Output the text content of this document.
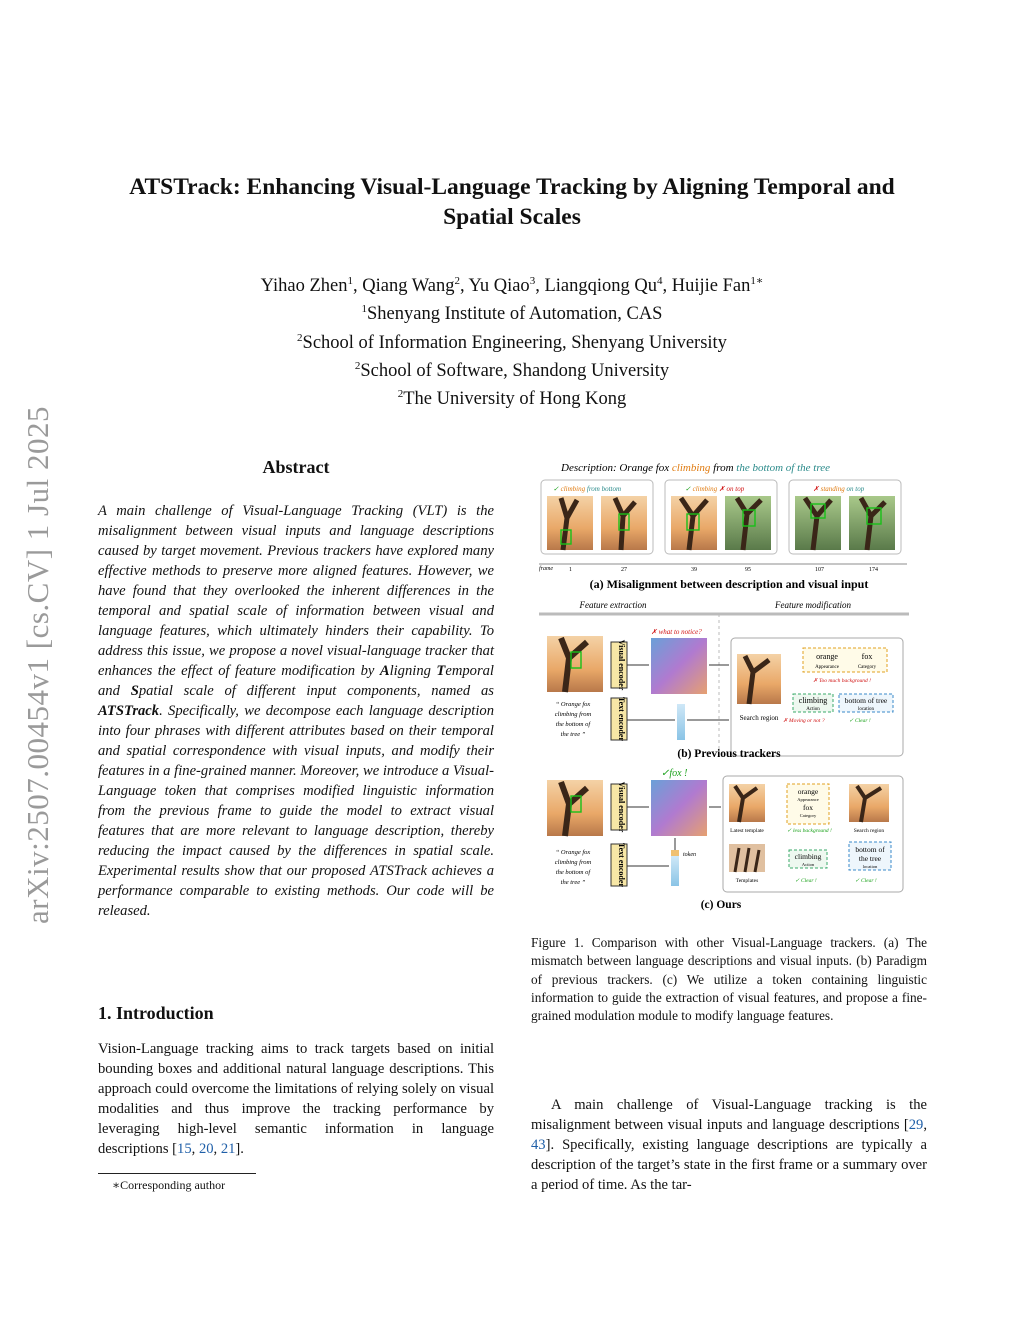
arXiv:2507.00454v1 [cs.CV] 1 Jul 2025
ATSTrack: Enhancing Visual-Language Tracking by Aligning Temporal and Spatial Scales
Yihao Zhen$^1$, Qiang Wang$^2$, Yu Qiao$^3$, Liangqiong Qu$^4$, Huijie Fan$^{1∗}$
$^1$Shenyang Institute of Automation, CAS
$^2$School of Information Engineering, Shenyang University
$^2$School of Software, Shandong University
$^2$The University of Hong Kong
Abstract
A main challenge of Visual-Language Tracking (VLT) is the misalignment between visual inputs and language descriptions caused by target movement. Previous trackers have explored many effective methods to preserve more aligned features. However, we have found that they overlooked the inherent differences in the temporal and spatial scale of information between visual and language features, which ultimately hinders their capability. To address this issue, we propose a novel visual-language tracker that enhances the effect of feature modification by Aligning Temporal and Spatial scale of different input components, named as ATSTrack. Specifically, we decompose each language description into four phrases with different attributes based on their temporal and spatial correspondence with visual inputs, and modify their features in a fine-grained manner. Moreover, we introduce a Visual-Language token that comprises modified linguistic information from the previous frame to guide the model to extract visual features that are more relevant to language description, thereby reducing the impact caused by the differences in spatial scale. Experimental results show that our proposed ATSTrack achieves a performance comparable to existing methods. Our code will be released.
1. Introduction
Vision-Language tracking aims to track targets based on initial bounding boxes and additional natural language descriptions. This approach could overcome the limitations of relying solely on visual modalities and thus improve the tracking performance by leveraging high-level semantic information in language descriptions [15, 20, 21].
∗Corresponding author
Description: Orange fox climbing from the bottom of the tree
✓ climbing from bottom	✓ climbing ✗ on top	✗ standing on top
frame	1	27	39	95	107	174
(a) Misalignment between description and visual input
Feature extraction	Feature modification
Visual encoder
✗ what to notice?
“ Orange fox
climbing from
the bottom of
the tree ”	Text encoder	Search region
orange	fox
Appearance	Category
✗ Too much background !
climbing
Action
bottom of tree
location
✗ Moving or not ?	✓ Clear !
(b) Previous trackers
✓fox !
Visual encoder
“ Orange fox
climbing from
the bottom of
the tree ”	Text encoder	token
Latest template
orange
Appearance
fox
Category
✓ less background !	Search region
Templates
climbing
Action
✓ Clear !
bottom of
the tree
location
✓ Clear !
(c) Ours
Figure 1. Comparison with other Visual-Language trackers. (a) The mismatch between language descriptions and visual inputs. (b) Paradigm of previous trackers. (c) We utilize a token containing linguistic information to guide the extraction of visual features, and propose a fine-grained modulation module to modify language features.
A main challenge of Visual-Language tracking is the misalignment between visual inputs and language descriptions [29, 43]. Specifically, existing language descriptions are typically a description of the target’s state in the first frame or a summary over a period of time. As the tar-
